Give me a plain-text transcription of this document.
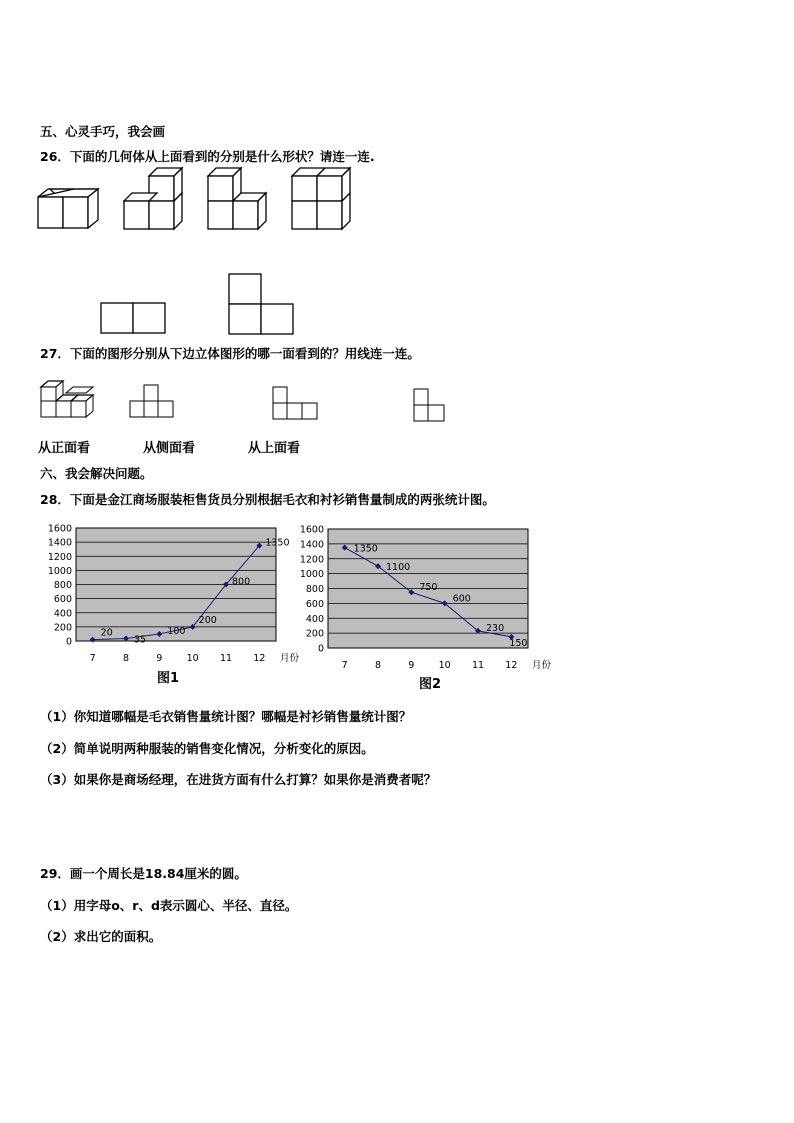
五、心灵手巧，我会画
26．下面的几何体从上面看到的分别是什么形状？请连一连.
27．下面的图形分别从下边立体图形的哪一面看到的？用线连一连。
从正面看	从侧面看	从上面看
六、我会解决问题。
28．下面是金江商场服装柜售货员分别根据毛衣和衬衫销售量制成的两张统计图。
0
200
400
600
800
1000
1200
1400
1600
7	8	9	10 11 12 月份
20
35
100
200
800
1350
图1
0
200
400
600
800
1000
1200
1400
1600
7	8	9	10 11 12 月份
1350
1100
750
600
230
150
图2
（1）你知道哪幅是毛衣销售量统计图？哪幅是衬衫销售量统计图？
（2）简单说明两种服装的销售变化情况，分析变化的原因。
（3）如果你是商场经理，在进货方面有什么打算？如果你是消费者呢？
29．画一个周长是18.84厘米的圆。
（1）用字母o、r、d表示圆心、半径、直径。
（2）求出它的面积。
